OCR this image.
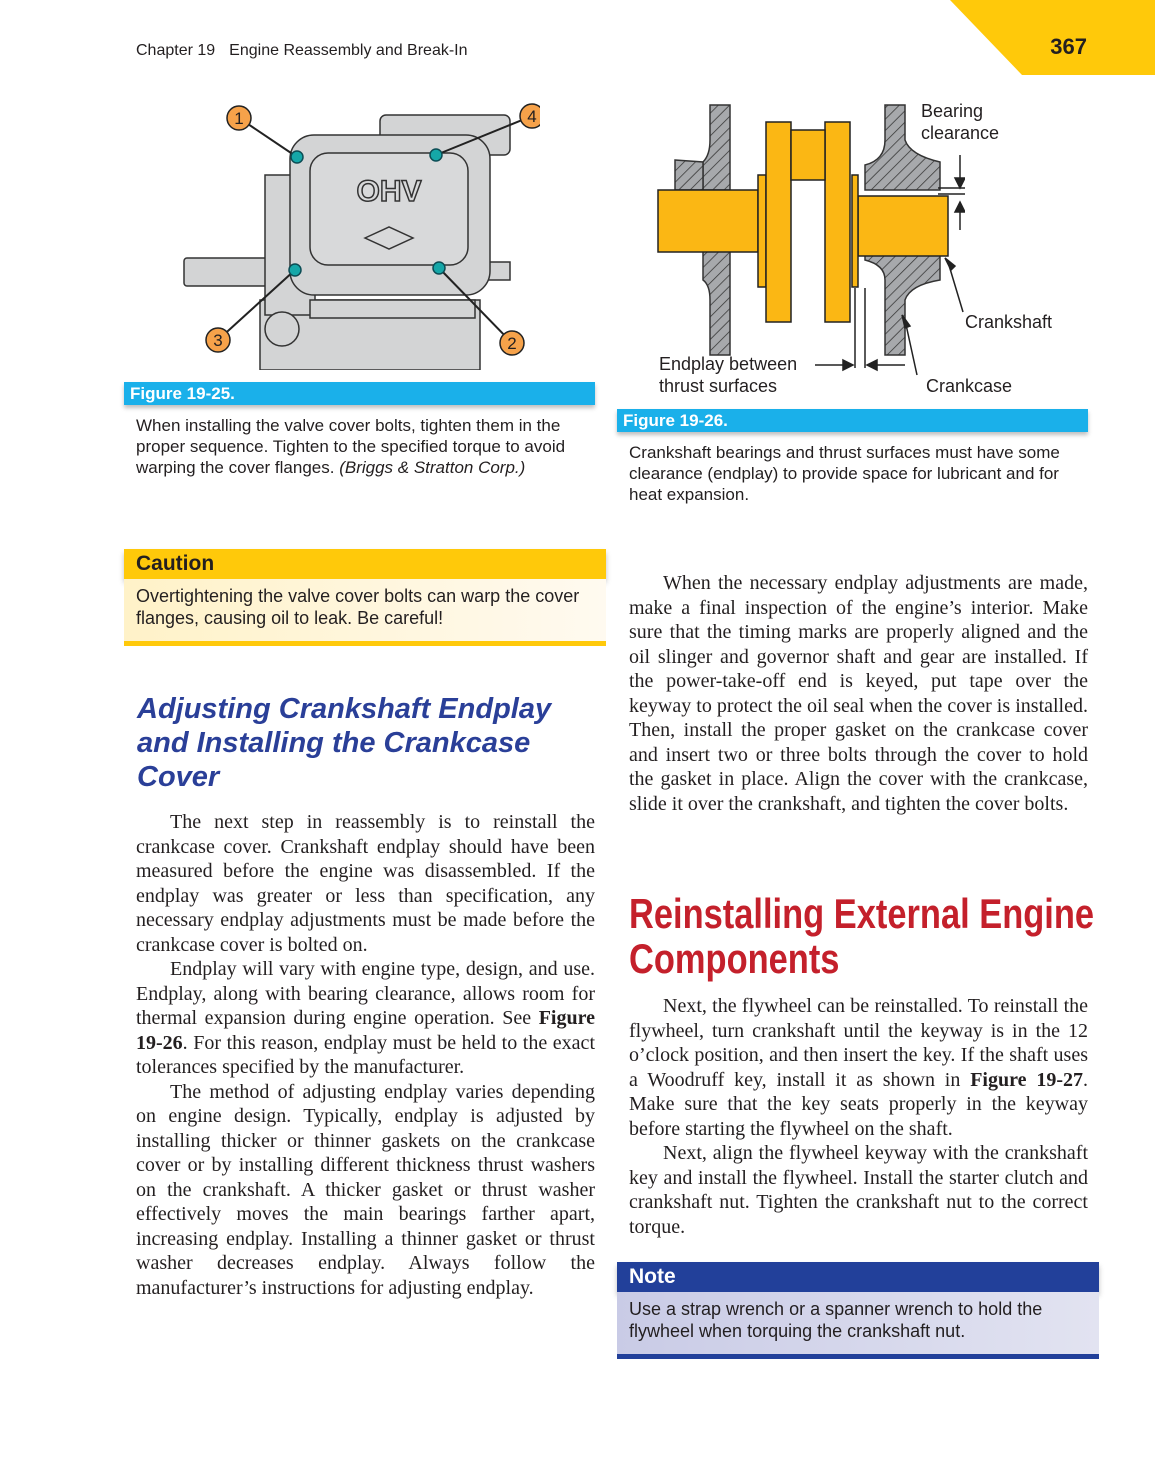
367
Chapter 19 Engine Reassembly and Break-In
OHV
1
2
3
4
Figure 19-25.
When installing the valve cover bolts, tighten them in the proper sequence. Tighten to the specified torque to avoid warping the cover flanges. (Briggs & Stratton Corp.)
Bearing
clearance
Crankshaft
Endplay between
thrust surfaces	Crankcase
Figure 19-26.
Crankshaft bearings and thrust surfaces must have some clearance (endplay) to provide space for lubricant and for heat expansion.
Caution
Overtightening the valve cover bolts can warp the cover flanges, causing oil to leak. Be careful!
Adjusting Crankshaft Endplay and Installing the Crankcase Cover

The next step in reassembly is to reinstall the crankcase cover. Crankshaft endplay should have been measured before the engine was disassembled. If the endplay was greater or less than specification, any necessary endplay adjustments must be made before the crankcase cover is bolted on.

Endplay will vary with engine type, design, and use. Endplay, along with bearing clearance, allows room for thermal expansion during engine operation. See Figure 19-26. For this reason, endplay must be held to the exact tolerances specified by the manufacturer.

The method of adjusting endplay varies depending on engine design. Typically, endplay is adjusted by installing thicker or thinner gaskets on the crankcase cover or by installing different thickness thrust washers on the crankshaft. A thicker gasket or thrust washer effectively moves the main bearings farther apart, increasing endplay. Installing a thinner gasket or thrust washer decreases endplay. Always follow the manufacturer’s instructions for adjusting endplay.

When the necessary endplay adjustments are made, make a final inspection of the engine’s interior. Make sure that the timing marks are properly aligned and the oil slinger and governor shaft and gear are installed. If the power-take-off end is keyed, put tape over the keyway to protect the oil seal when the cover is installed. Then, install the proper gasket on the crankcase cover and insert two or three bolts through the cover to hold the gasket in place. Align the cover with the crankcase, slide it over the crankshaft, and tighten the cover bolts.

Reinstalling External Engine
Components

Next, the flywheel can be reinstalled. To reinstall the flywheel, turn crankshaft until the keyway is in the 12 o’clock position, and then insert the key. If the shaft uses a Woodruff key, install it as shown in Figure 19-27. Make sure that the key seats properly in the keyway before starting the flywheel on the shaft.

Next, align the flywheel keyway with the crankshaft key and install the flywheel. Install the starter clutch and crankshaft nut. Tighten the crankshaft nut to the correct torque.

Note
Use a strap wrench or a spanner wrench to hold the flywheel when torquing the crankshaft nut.
